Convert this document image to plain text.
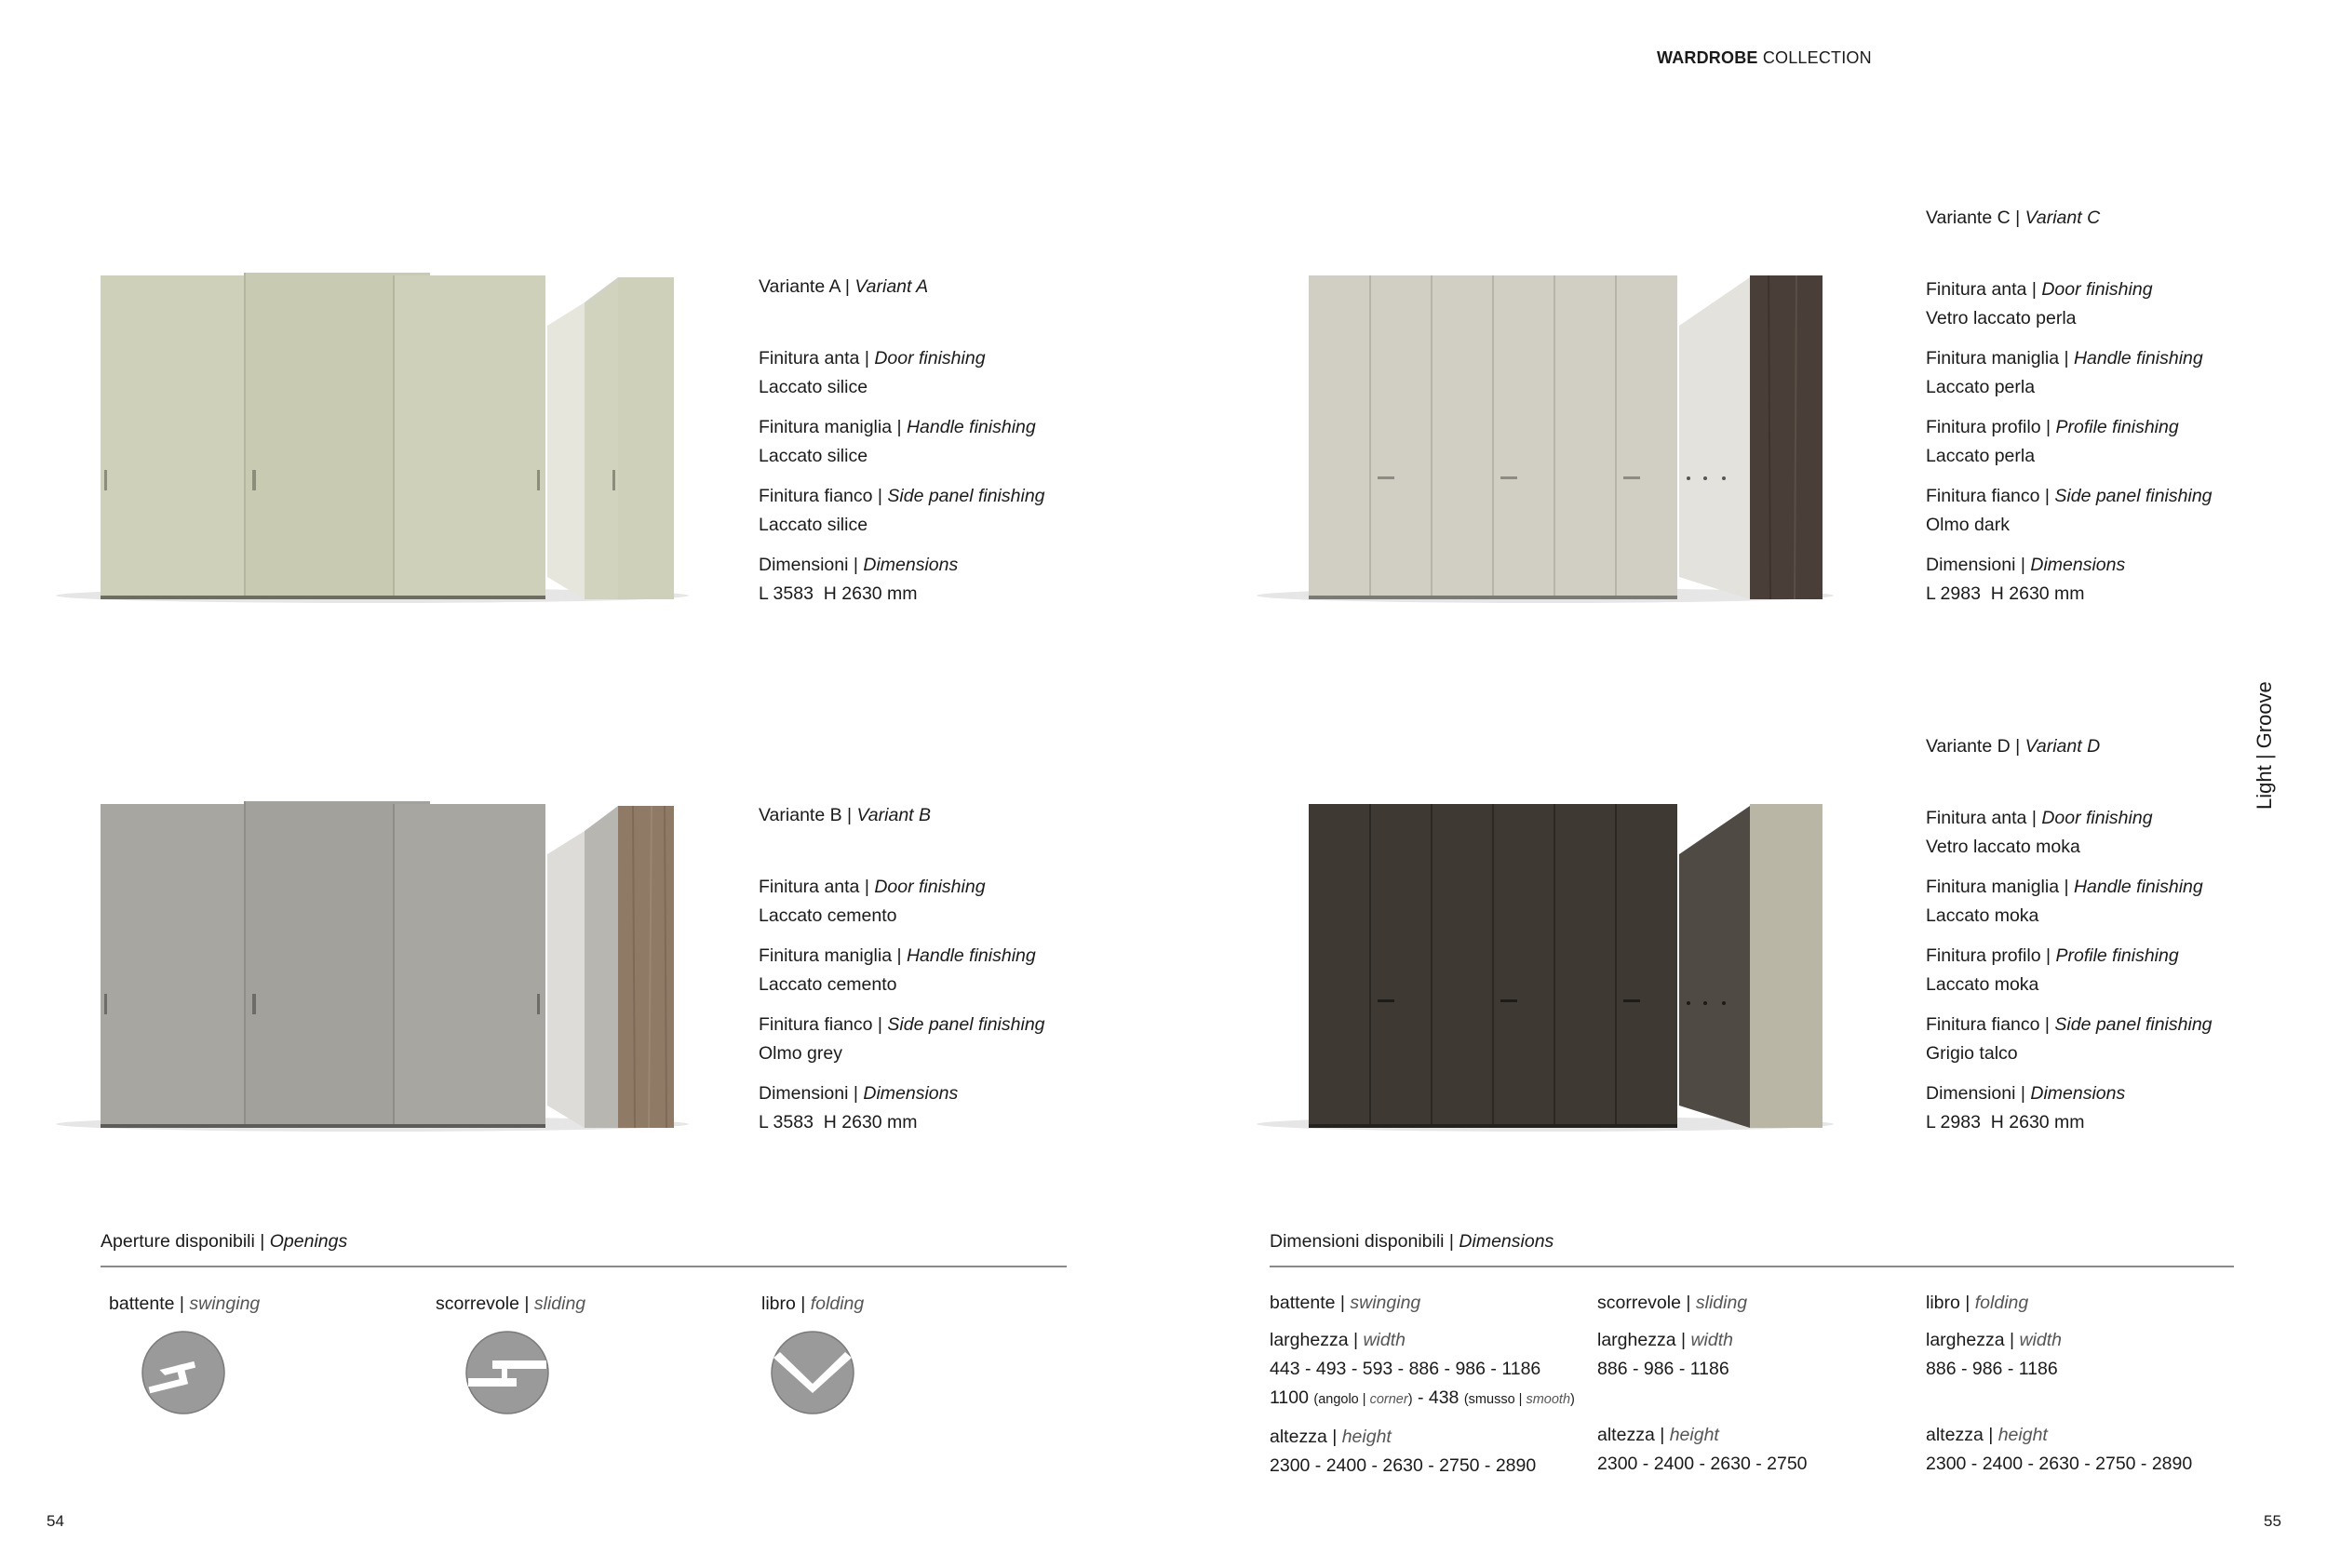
WARDROBE COLLECTION
Light | Groove
54	55
Variante A | Variant A
Finitura anta | Door finishing
Laccato silice
Finitura maniglia | Handle finishing
Laccato silice
Finitura fianco | Side panel finishing
Laccato silice
Dimensioni | Dimensions
L 3583  H 2630 mm
Variante B | Variant B
Finitura anta | Door finishing
Laccato cemento
Finitura maniglia | Handle finishing
Laccato cemento
Finitura fianco | Side panel finishing
Olmo grey
Dimensioni | Dimensions
L 3583  H 2630 mm
Variante C | Variant C
Finitura anta | Door finishing
Vetro laccato perla
Finitura maniglia | Handle finishing
Laccato perla
Finitura profilo | Profile finishing
Laccato perla
Finitura fianco | Side panel finishing
Olmo dark
Dimensioni | Dimensions
L 2983  H 2630 mm
Variante D | Variant D
Finitura anta | Door finishing
Vetro laccato moka
Finitura maniglia | Handle finishing
Laccato moka
Finitura profilo | Profile finishing
Laccato moka
Finitura fianco | Side panel finishing
Grigio talco
Dimensioni | Dimensions
L 2983  H 2630 mm
Aperture disponibili | Openings
battente | swinging	scorrevole | sliding	libro | folding
Dimensioni disponibili | Dimensions
battente | swinging
larghezza | width
443 - 493 - 593 - 886 - 986 - 1186
1100 (angolo | corner) - 438 (smusso | smooth)
altezza | height
2300 - 2400 - 2630 - 2750 - 2890
scorrevole | sliding
larghezza | width
886 - 986 - 1186
altezza | height
2300 - 2400 - 2630 - 2750
libro | folding
larghezza | width
886 - 986 - 1186
altezza | height
2300 - 2400 - 2630 - 2750 - 2890
